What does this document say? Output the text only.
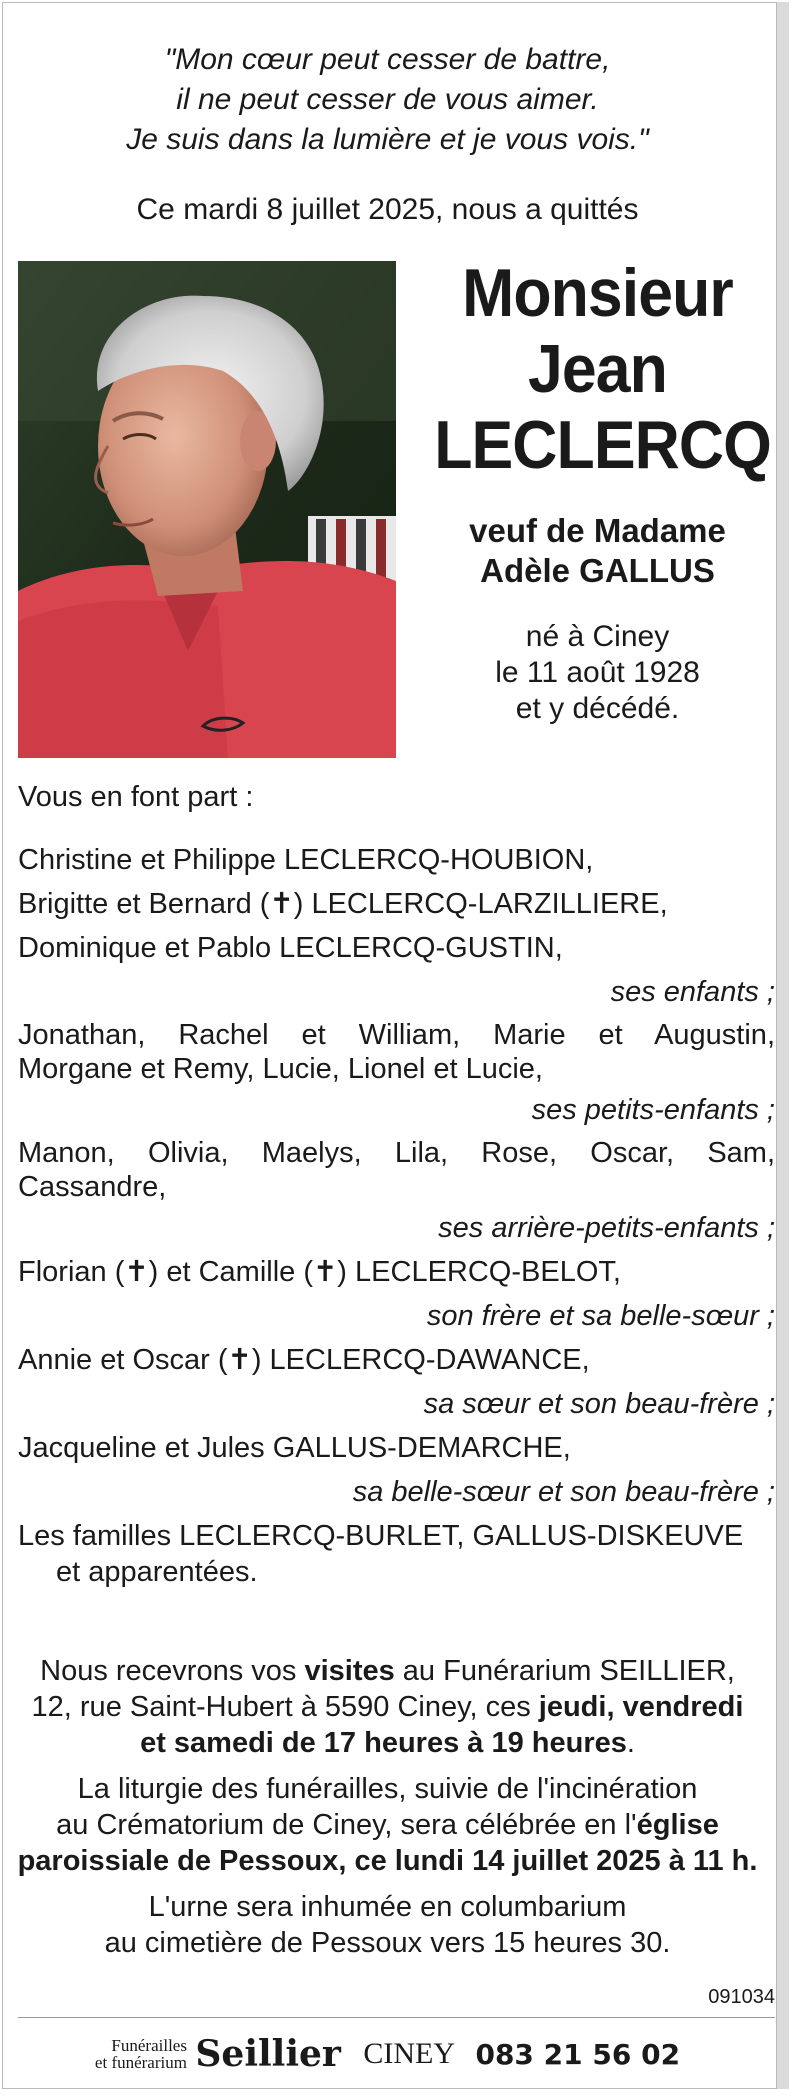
"Mon cœur peut cesser de battre,
il ne peut cesser de vous aimer.
Je suis dans la lumière et je vous vois."
Ce mardi 8 juillet 2025, nous a quittés
Monsieur
Jean
LECLERCQ
veuf de Madame
Adèle GALLUS
né à Ciney
le 11 août 1928
et y décédé.
Vous en font part :
Christine et Philippe LECLERCQ-HOUBION,
Brigitte et Bernard (✝) LECLERCQ-LARZILLIERE,
Dominique et Pablo LECLERCQ-GUSTIN,
ses enfants ;
Jonathan, Rachel et William, Marie et Augustin,
Morgane et Remy, Lucie, Lionel et Lucie,
ses petits-enfants ;
Manon, Olivia, Maelys, Lila, Rose, Oscar, Sam,
Cassandre,
ses arrière-petits-enfants ;
Florian (✝) et Camille (✝) LECLERCQ-BELOT,
son frère et sa belle-sœur ;
Annie et Oscar (✝) LECLERCQ-DAWANCE,
sa sœur et son beau-frère ;
Jacqueline et Jules GALLUS-DEMARCHE,
sa belle-sœur et son beau-frère ;
Les familles LECLERCQ-BURLET, GALLUS-DISKEUVE
et apparentées.

Nous recevrons vos visites au Funérarium SEILLIER,
12, rue Saint-Hubert à 5590 Ciney, ces jeudi, vendredi
et samedi de 17 heures à 19 heures.

La liturgie des funérailles, suivie de l'incinération
au Crématorium de Ciney, sera célébrée en l'église
paroissiale de Pessoux, ce lundi 14 juillet 2025 à 11 h.

L'urne sera inhumée en columbarium
au cimetière de Pessoux vers 15 heures 30.

091034
Funérailles
et funérarium Seillier CINEY 083 21 56 02
